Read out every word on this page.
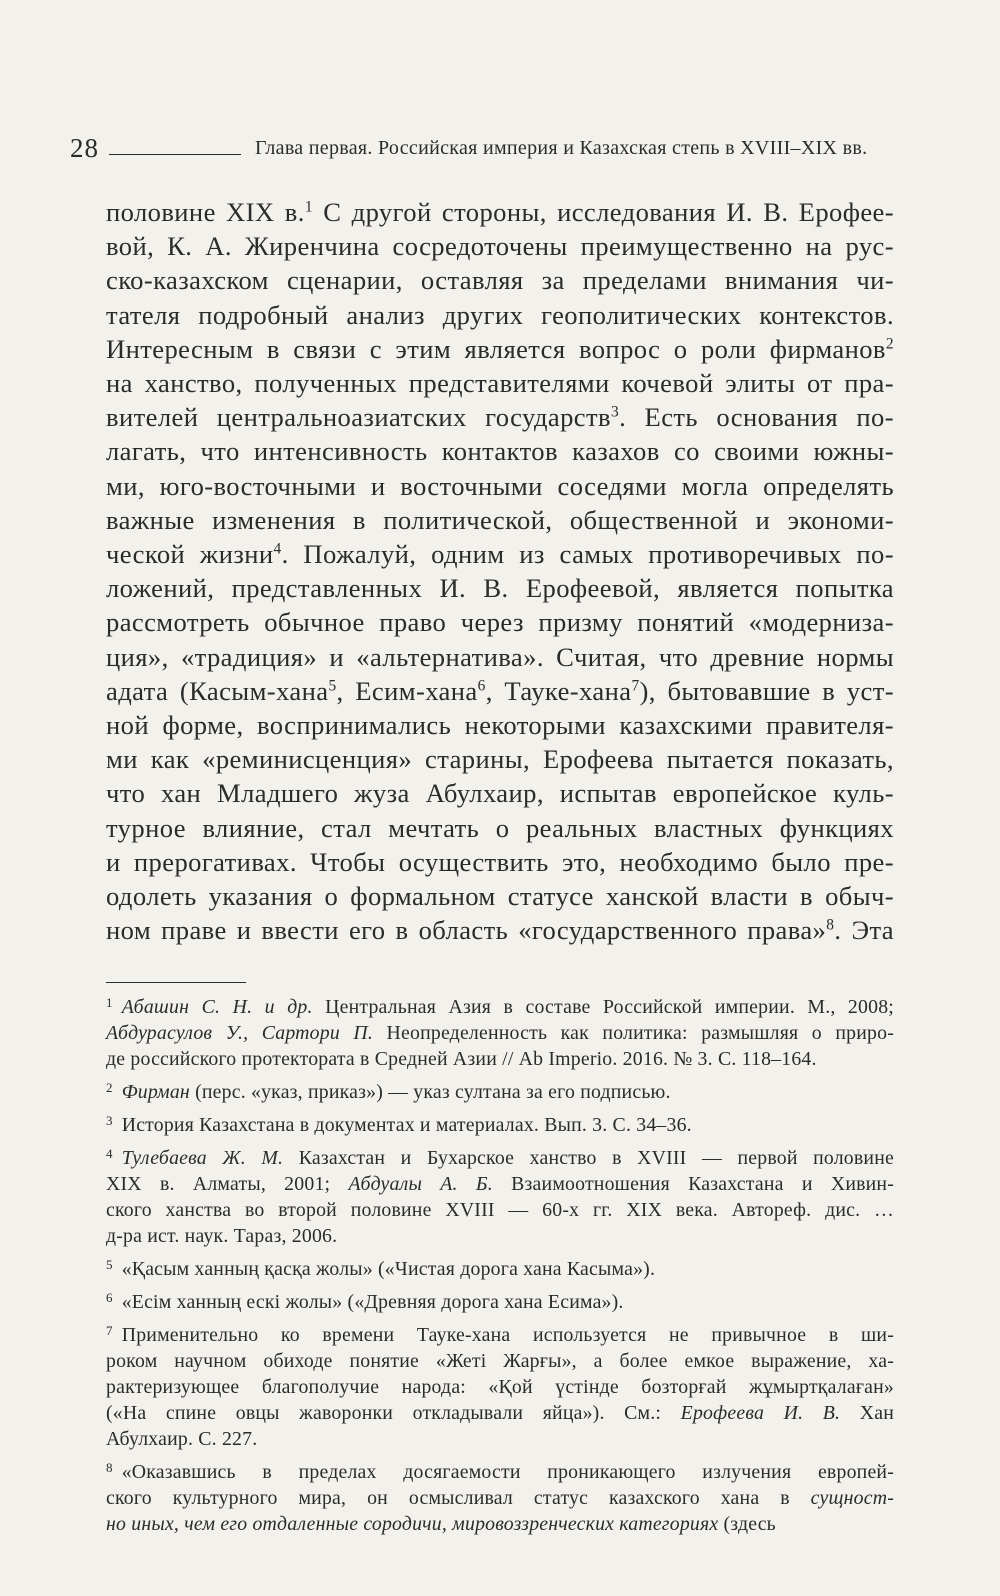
28	Глава первая. Российская империя и Казахская степь в XVIII–XIX вв.
половине XIX в.$^1$ С другой стороны, исследования И. В. Ерофее-
вой, К. А. Жиренчина сосредоточены преимущественно на рус-
ско-казахском сценарии, оставляя за пределами внимания чи-
тателя подробный анализ других геополитических контекстов.
Интересным в связи с этим является вопрос о роли фирманов$^2$
на ханство, полученных представителями кочевой элиты от пра-
вителей центральноазиатских государств$^3$. Есть основания по-
лагать, что интенсивность контактов казахов со своими южны-
ми, юго-восточными и восточными соседями могла определять
важные изменения в политической, общественной и экономи-
ческой жизни$^4$. Пожалуй, одним из самых противоречивых по-
ложений, представленных И. В. Ерофеевой, является попытка
рассмотреть обычное право через призму понятий «модерниза-
ция», «традиция» и «альтернатива». Считая, что древние нормы
адата (Касым-хана$^5$, Есим-хана$^6$, Тауке-хана$^7$), бытовавшие в уст-
ной форме, воспринимались некоторыми казахскими правителя-
ми как «реминисценция» старины, Ерофеева пытается показать,
что хан Младшего жуза Абулхаир, испытав европейское куль-
турное влияние, стал мечтать о реальных властных функциях
и прерогативах. Чтобы осуществить это, необходимо было пре-
одолеть указания о формальном статусе ханской власти в обыч-
ном праве и ввести его в область «государственного права»$^8$. Эта
1 Абашин С. Н. и др. Центральная Азия в составе Российской империи. М., 2008;
Абдурасулов У., Сартори П. Неопределенность как политика: размышляя о приро-
де российского протектората в Средней Азии // Ab Imperio. 2016. № 3. С. 118–164.
2 Фирман (перс. «указ, приказ») — указ султана за его подписью.
3 История Казахстана в документах и материалах. Вып. 3. С. 34–36.
4 Тулебаева Ж. М. Казахстан и Бухарское ханство в XVIII — первой половине
XIX в. Алматы, 2001; Абдуалы А. Б. Взаимоотношения Казахстана и Хивин-
ского ханства во второй половине XVIII — 60-х гг. XIX века. Автореф. дис. …
д-ра ист. наук. Тараз, 2006.
5 «Қасым ханның қасқа жолы» («Чистая дорога хана Касыма»).
6 «Есім ханның ескі жолы» («Древняя дорога хана Есима»).
7 Применительно ко времени Тауке-хана используется не привычное в ши-
роком научном обиходе понятие «Жеті Жарғы», а более емкое выражение, ха-
рактеризующее благополучие народа: «Қой үстінде бозторғай жұмыртқалаған»
(«На спине овцы жаворонки откладывали яйца»). См.: Ерофеева И. В. Хан
Абулхаир. С. 227.
8 «Оказавшись в пределах досягаемости проникающего излучения европей-
ского культурного мира, он осмысливал статус казахского хана в сущност-
но иных, чем его отдаленные сородичи, мировоззренческих категориях (здесь
